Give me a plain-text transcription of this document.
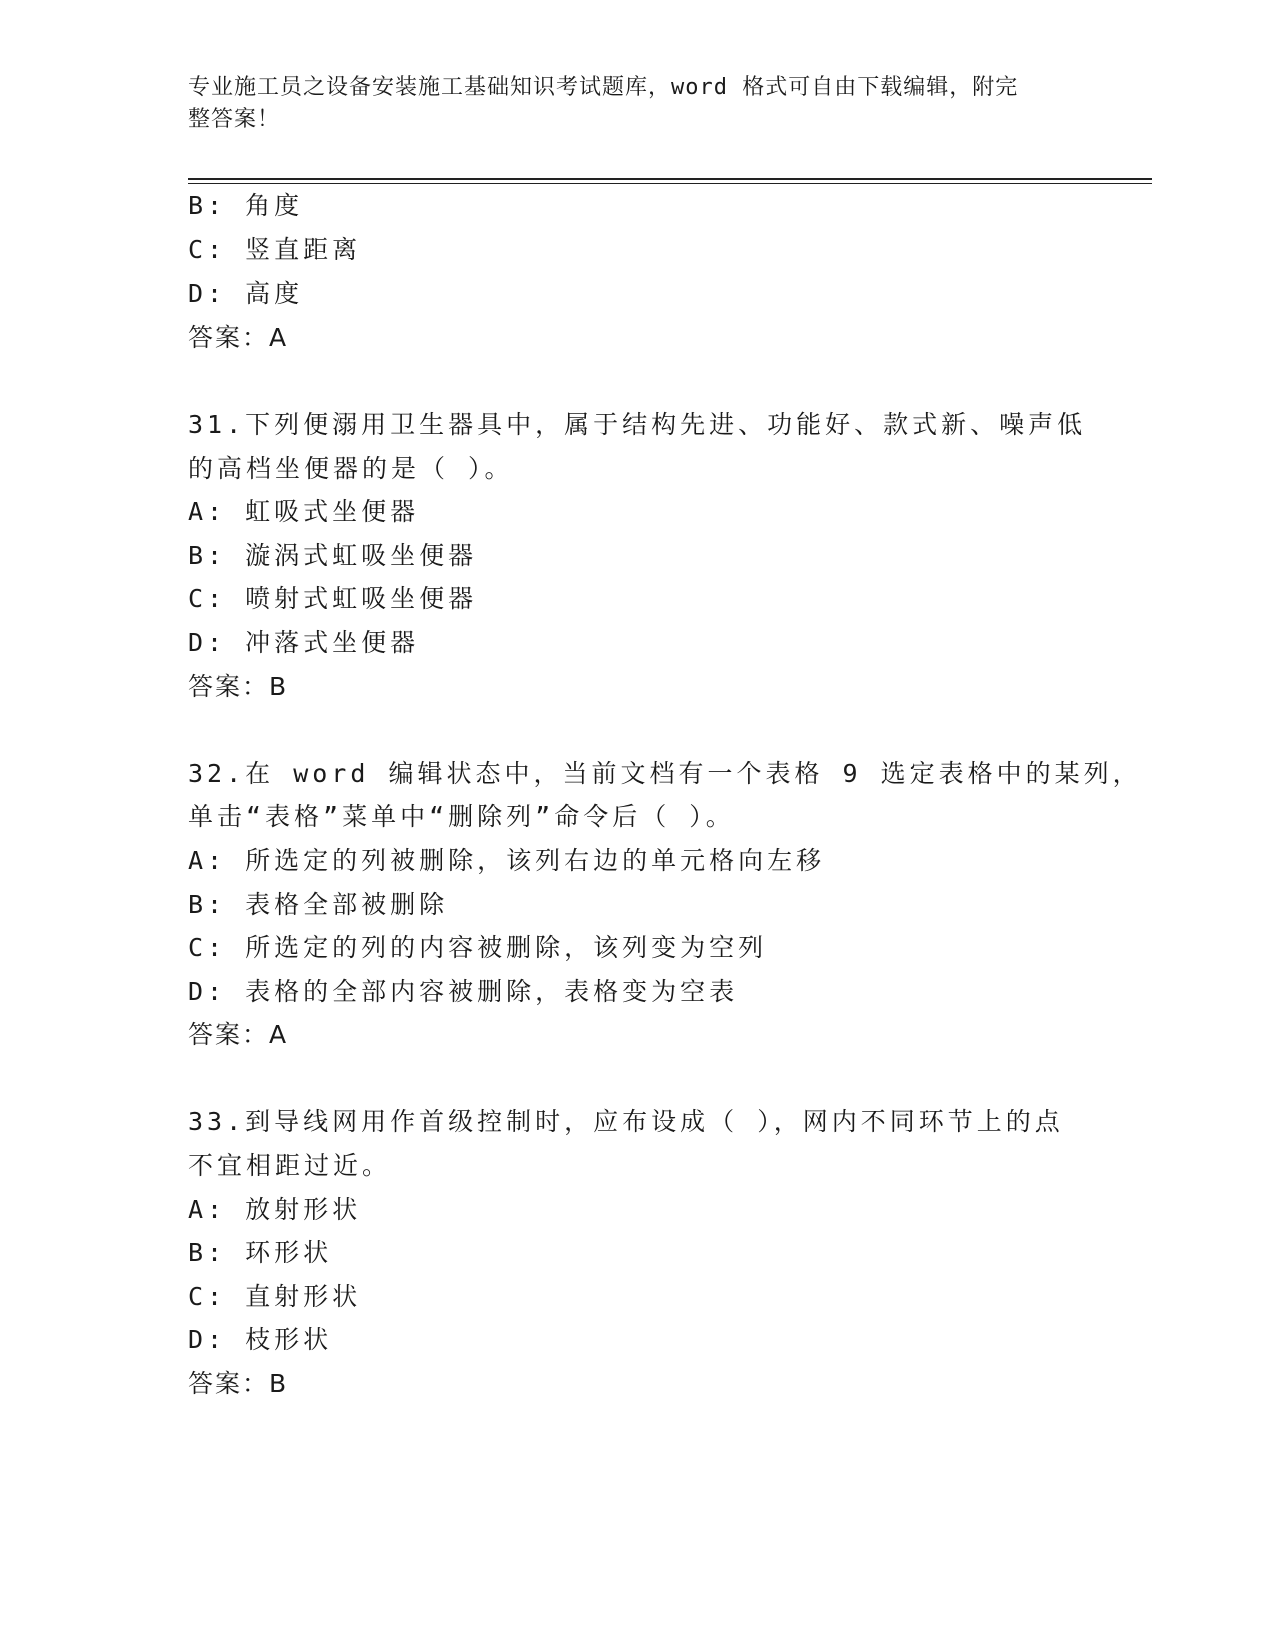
专业施工员之设备安装施工基础知识考试题库，word 格式可自由下载编辑，附完
整答案！
B: 角度
C: 竖直距离
D: 高度
答案：A
31.下列便溺用卫生器具中，属于结构先进、功能好、款式新、噪声低
的高档坐便器的是（ ）。
A: 虹吸式坐便器
B: 漩涡式虹吸坐便器
C: 喷射式虹吸坐便器
D: 冲落式坐便器
答案：B
32.在 word 编辑状态中，当前文档有一个表格 9 选定表格中的某列，
单击“表格”菜单中“删除列”命令后（ ）。
A: 所选定的列被删除，该列右边的单元格向左移
B: 表格全部被删除
C: 所选定的列的内容被删除，该列变为空列
D: 表格的全部内容被删除，表格变为空表
答案：A
33.到导线网用作首级控制时，应布设成（ ），网内不同环节上的点
不宜相距过近。
A: 放射形状
B: 环形状
C: 直射形状
D: 枝形状
答案：B
